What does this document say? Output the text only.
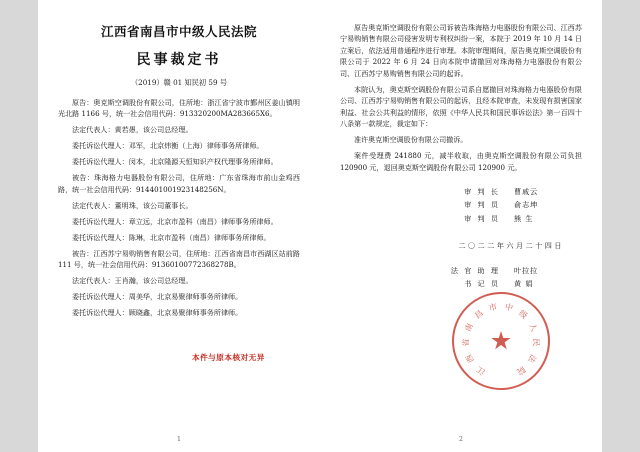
江西省南昌市中级人民法院
民事裁定书
（2019）赣 01 知民初 59 号

原告：奥克斯空调股份有限公司，住所地：浙江省宁波市鄞州区姜山镇明光北路 1166 号，统一社会信用代码：913320200MA283665X6。

法定代表人：黄若愚，该公司总经理。

委托诉讼代理人：邓军，北京炜衡（上海）律师事务所律师。

委托诉讼代理人：闵本，北京隆源天恒知识产权代理事务所律师。

被告：珠海格力电器股份有限公司，住所地：广东省珠海市前山金鸡西路，统一社会信用代码：914401001923148256N。

法定代表人：董明珠，该公司董事长。

委托诉讼代理人：章立远，北京市盈科（南昌）律师事务所律师。

委托诉讼代理人：陈琳，北京市盈科（南昌）律师事务所律师。

被告：江西苏宁易购销售有限公司，住所地：江西省南昌市西湖区站前路 111 号，统一社会信用代码：91360100772368278B。

法定代表人：王肖瀚，该公司总经理。

委托诉讼代理人：周美华，北京易聚律师事务所律师。

委托诉讼代理人：顾晓鑫，北京易聚律师事务所律师。

1

原告奥克斯空调股份有限公司诉被告珠海格力电器股份有限公司、江西苏宁易购销售有限公司侵害发明专利权纠纷一案，本院于 2019 年 10 月 14 日立案后，依法适用普通程序进行审理。本院审理期间，原告奥克斯空调股份有限公司于 2022 年 6 月 24 日向本院申请撤回对珠海格力电器股份有限公司、江西苏宁易购销售有限公司的起诉。

本院认为，奥克斯空调股份有限公司系自愿撤回对珠海格力电器股份有限公司、江西苏宁易购销售有限公司的起诉，且经本院审查，未发现有损害国家利益、社会公共利益的情形，依照《中华人民共和国民事诉讼法》第一百四十八条第一款规定，裁定如下：

准许奥克斯空调股份有限公司撤诉。

案件受理费 241880 元，减半收取，由奥克斯空调股份有限公司负担 120900 元，退回奥克斯空调股份有限公司 120900 元。

审 判 长 曹戚云
审 判 员 俞志坤
审 判 员 熊 生
二〇二二年六月二十四日
法 官 助 理 叶拉拉
书 记 员 黄 娟
2
本件与原本核对无异
江
西
省
南
昌
市 中
级
人
民
法
院
